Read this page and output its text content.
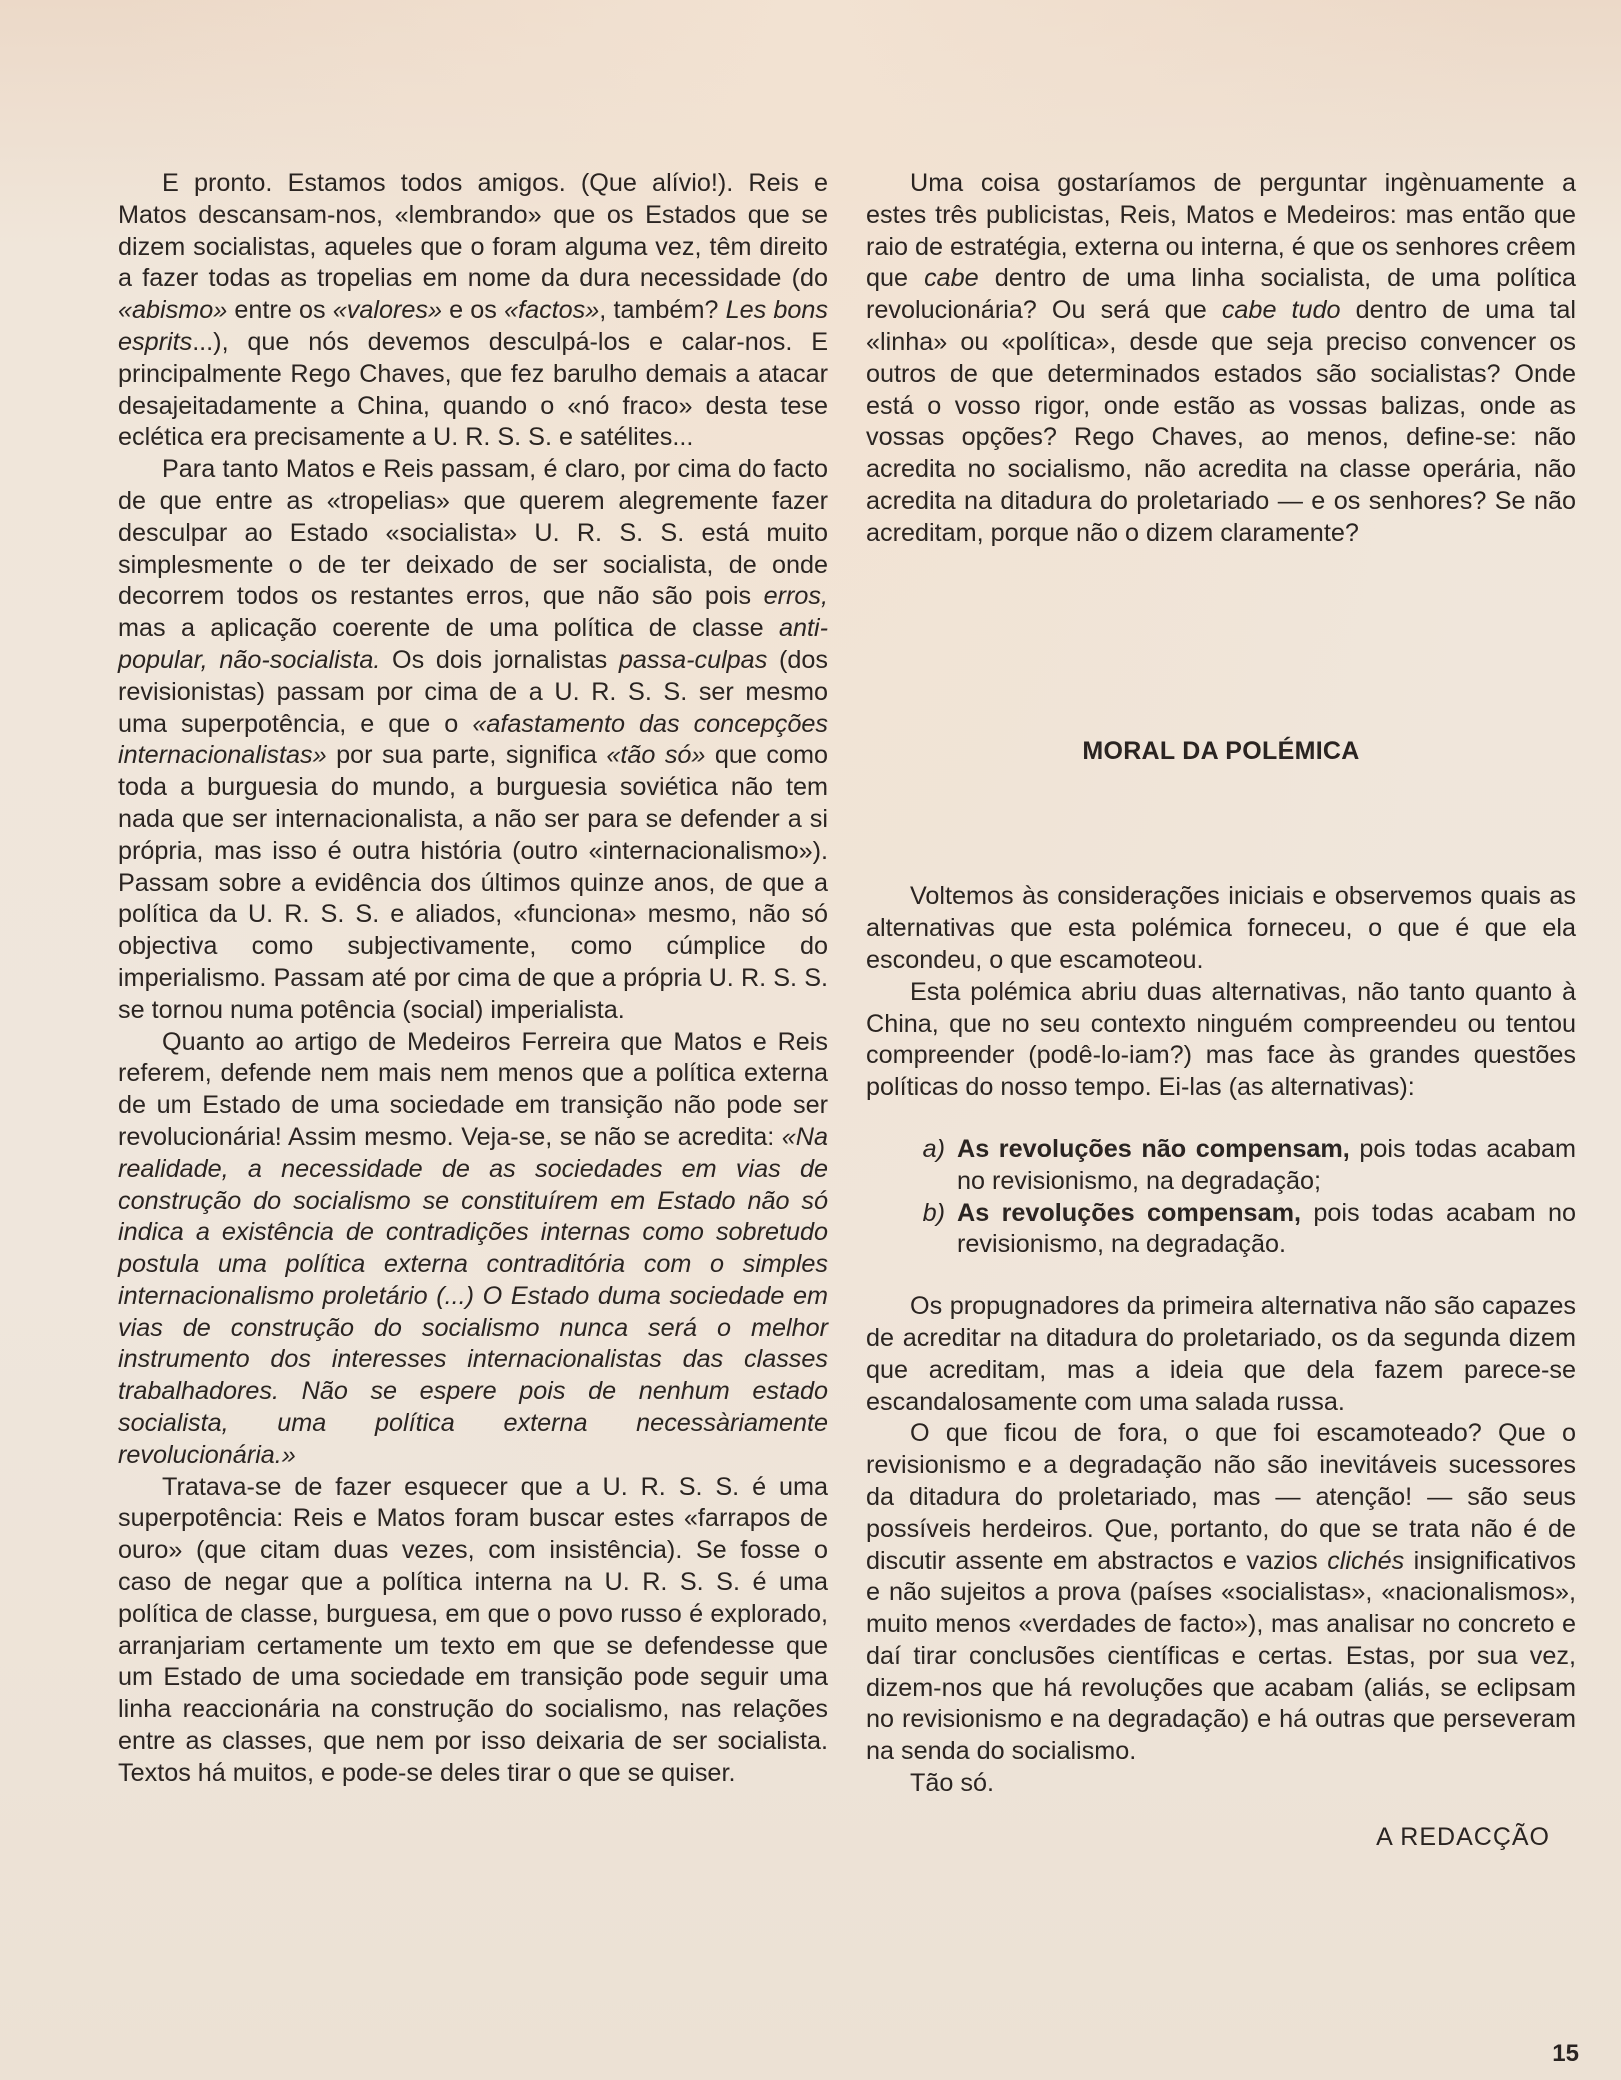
E pronto. Estamos todos amigos. (Que alívio!). Reis e Matos descansam-nos, «lembrando» que os Estados que se dizem socialistas, aqueles que o foram alguma vez, têm direito a fazer todas as tropelias em nome da dura necessidade (do «abismo» entre os «valores» e os «factos», também? Les bons esprits...), que nós devemos desculpá-los e calar-nos. E principalmente Rego Chaves, que fez barulho demais a atacar desajeitadamente a China, quando o «nó fraco» desta tese eclética era precisamente a U. R. S. S. e satélites...

Para tanto Matos e Reis passam, é claro, por cima do facto de que entre as «tropelias» que querem alegremente fazer desculpar ao Estado «socialista» U. R. S. S. está muito simplesmente o de ter deixado de ser socialista, de onde decorrem todos os restantes erros, que não são pois erros, mas a aplicação coerente de uma política de classe anti-popular, não-socialista. Os dois jornalistas passa-culpas (dos revisionistas) passam por cima de a U. R. S. S. ser mesmo uma superpotência, e que o «afastamento das concepções internacionalistas» por sua parte, significa «tão só» que como toda a burguesia do mundo, a burguesia soviética não tem nada que ser internacionalista, a não ser para se defender a si própria, mas isso é outra história (outro «internacionalismo»). Passam sobre a evidência dos últimos quinze anos, de que a política da U. R. S. S. e aliados, «funciona» mesmo, não só objectiva como subjectivamente, como cúmplice do imperialismo. Passam até por cima de que a própria U. R. S. S. se tornou numa potência (social) imperialista.

Quanto ao artigo de Medeiros Ferreira que Matos e Reis referem, defende nem mais nem menos que a política externa de um Estado de uma sociedade em transição não pode ser revolucionária! Assim mesmo. Veja-se, se não se acredita: «Na realidade, a necessidade de as sociedades em vias de construção do socialismo se constituírem em Estado não só indica a existência de contradições internas como sobretudo postula uma política externa contraditória com o simples internacionalismo proletário (...) O Estado duma sociedade em vias de construção do socialismo nunca será o melhor instrumento dos interesses internacionalistas das classes trabalhadores. Não se espere pois de nenhum estado socialista, uma política externa necessàriamente revolucionária.»

Tratava-se de fazer esquecer que a U. R. S. S. é uma superpotência: Reis e Matos foram buscar estes «farrapos de ouro» (que citam duas vezes, com insistência). Se fosse o caso de negar que a política interna na U. R. S. S. é uma política de classe, burguesa, em que o povo russo é explorado, arranjariam certamente um texto em que se defendesse que um Estado de uma sociedade em transição pode seguir uma linha reaccionária na construção do socialismo, nas relações entre as classes, que nem por isso deixaria de ser socialista. Textos há muitos, e pode-se deles tirar o que se quiser.

Uma coisa gostaríamos de perguntar ingènuamente a estes três publicistas, Reis, Matos e Medeiros: mas então que raio de estratégia, externa ou interna, é que os senhores crêem que cabe dentro de uma linha socialista, de uma política revolucionária? Ou será que cabe tudo dentro de uma tal «linha» ou «política», desde que seja preciso convencer os outros de que determinados estados são socialistas? Onde está o vosso rigor, onde estão as vossas balizas, onde as vossas opções? Rego Chaves, ao menos, define-se: não acredita no socialismo, não acredita na classe operária, não acredita na ditadura do proletariado — e os senhores? Se não acreditam, porque não o dizem claramente?

MORAL DA POLÉMICA

Voltemos às considerações iniciais e observemos quais as alternativas que esta polémica forneceu, o que é que ela escondeu, o que escamoteou.

Esta polémica abriu duas alternativas, não tanto quanto à China, que no seu contexto ninguém compreendeu ou tentou compreender (podê-lo-iam?) mas face às grandes questões políticas do nosso tempo. Ei-las (as alternativas):

a) As revoluções não compensam, pois todas acabam no revisionismo, na degradação;
b) As revoluções compensam, pois todas acabam no revisionismo, na degradação.

Os propugnadores da primeira alternativa não são capazes de acreditar na ditadura do proletariado, os da segunda dizem que acreditam, mas a ideia que dela fazem parece-se escandalosamente com uma salada russa.

O que ficou de fora, o que foi escamoteado? Que o revisionismo e a degradação não são inevitáveis sucessores da ditadura do proletariado, mas — atenção! — são seus possíveis herdeiros. Que, portanto, do que se trata não é de discutir assente em abstractos e vazios clichés insignificativos e não sujeitos a prova (países «socialistas», «nacionalismos», muito menos «verdades de facto»), mas analisar no concreto e daí tirar conclusões científicas e certas. Estas, por sua vez, dizem-nos que há revoluções que acabam (aliás, se eclipsam no revisionismo e na degradação) e há outras que perseveram na senda do socialismo.

Tão só.

A REDACÇÃO

15
